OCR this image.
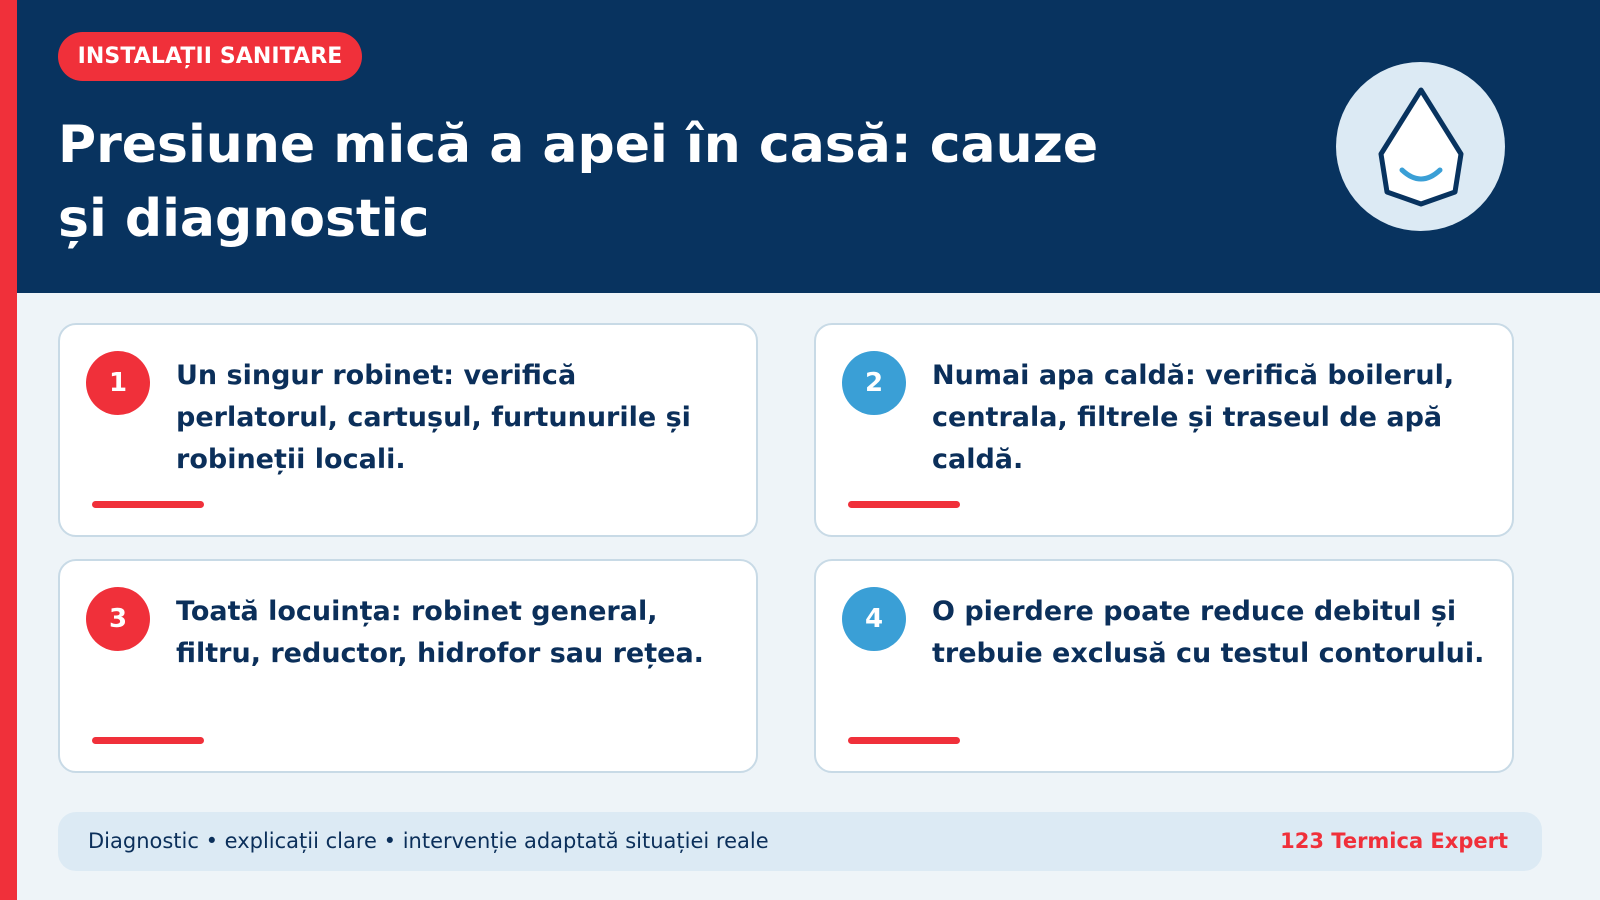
INSTALAȚII SANITARE
Presiune mică a apei în casă: cauze și diagnostic
1	Un singur robinet: verifică perlatorul, cartușul, furtunurile și robineții locali.
2	Numai apa caldă: verifică boilerul, centrala, filtrele și traseul de apă caldă.
3	Toată locuința: robinet general, filtru, reductor, hidrofor sau rețea.
4	O pierdere poate reduce debitul și trebuie exclusă cu testul contorului.
Diagnostic • explicații clare • intervenție adaptată situației reale	123 Termica Expert
